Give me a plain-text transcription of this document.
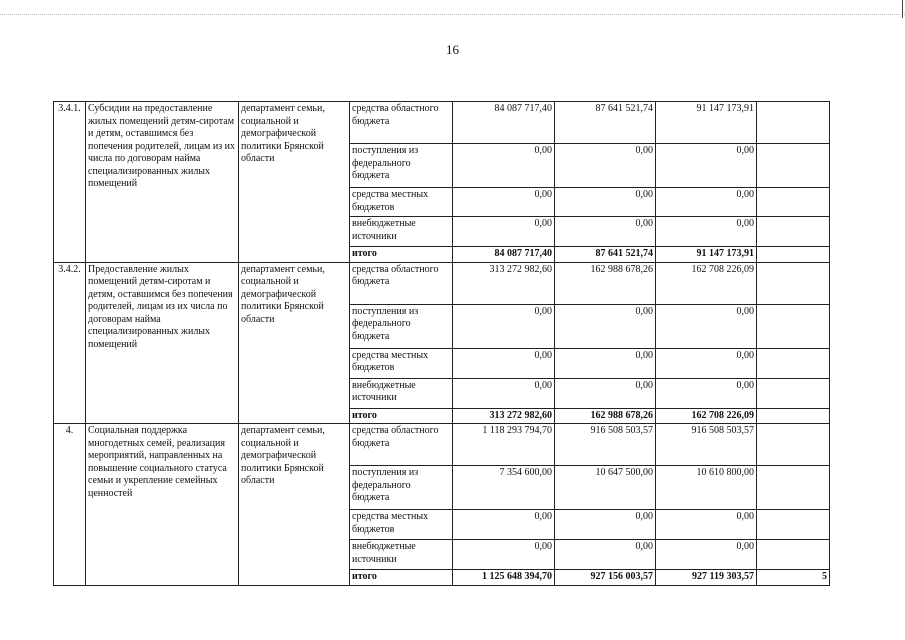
16
3.4.1.	Субсидии на предоставление жилых помещений детям-сиротам и детям, оставшимся без попечения родителей, лицам из их числа по договорам найма специализированных жилых помещений	департамент семьи, социальной и демографической политики Брянской области	средства областного бюджета	84 087 717,40	87 641 521,74	91 147 173,91	
			поступления из федерального бюджета	0,00	0,00	0,00	
			средства местных бюджетов	0,00	0,00	0,00	
			внебюджетные источники	0,00	0,00	0,00	
			итого	84 087 717,40	87 641 521,74	91 147 173,91	
3.4.2.	Предоставление жилых помещений детям-сиротам и детям, оставшимся без попечения родителей, лицам из их числа по договорам найма специализированных жилых помещений	департамент семьи, социальной и демографической политики Брянской области	средства областного бюджета	313 272 982,60	162 988 678,26	162 708 226,09	
			поступления из федерального бюджета	0,00	0,00	0,00	
			средства местных бюджетов	0,00	0,00	0,00	
			внебюджетные источники	0,00	0,00	0,00	
			итого	313 272 982,60	162 988 678,26	162 708 226,09	
4.	Социальная поддержка многодетных семей, реализация мероприятий, направленных на повышение социального статуса семьи и укрепление семейных ценностей	департамент семьи, социальной и демографической политики Брянской области	средства областного бюджета	1 118 293 794,70	916 508 503,57	916 508 503,57	
			поступления из федерального бюджета	7 354 600,00	10 647 500,00	10 610 800,00	
			средства местных бюджетов	0,00	0,00	0,00	
			внебюджетные источники	0,00	0,00	0,00	
			итого	1 125 648 394,70	927 156 003,57	927 119 303,57	5
